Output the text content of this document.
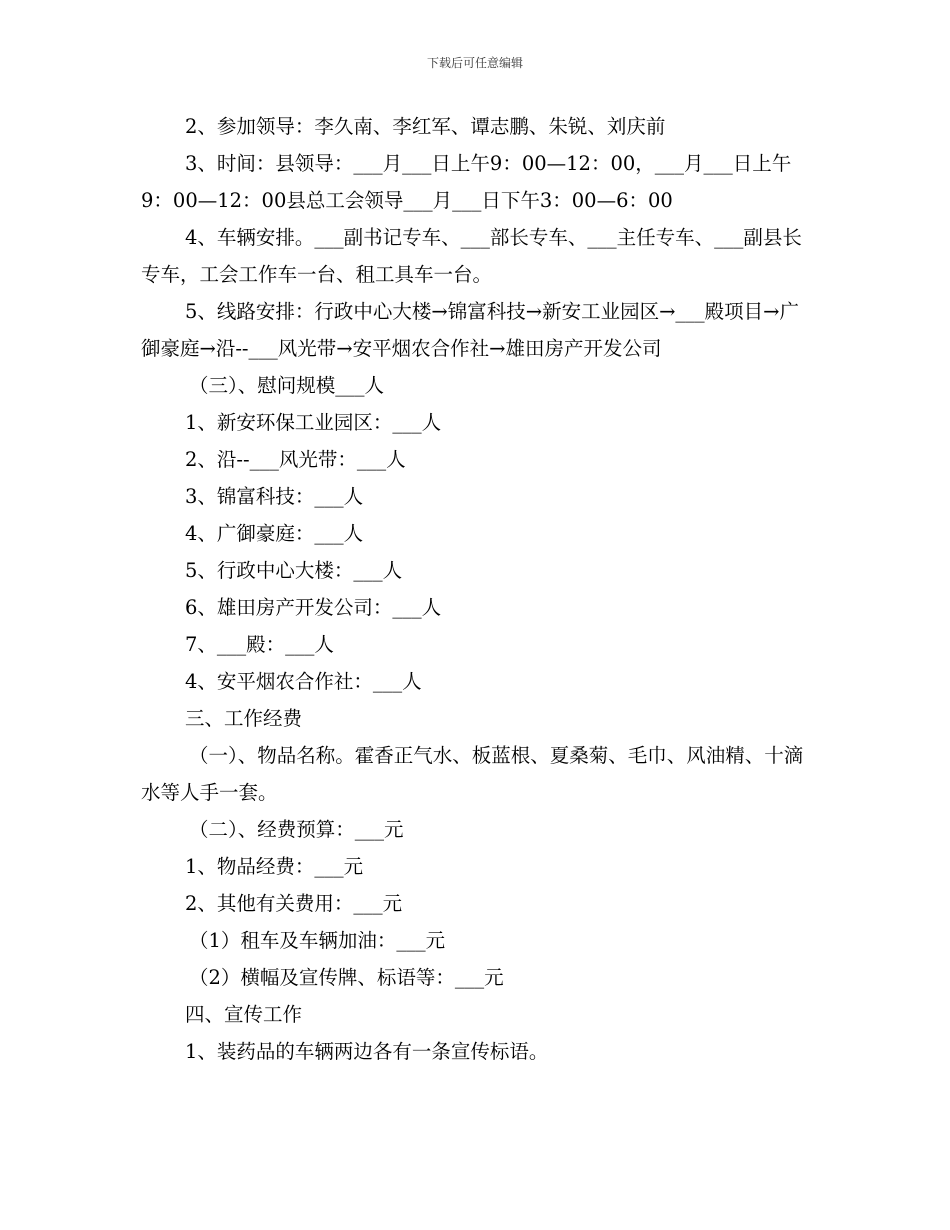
下载后可任意编辑

2、参加领导：李久南、李红军、谭志鹏、朱锐、刘庆前

3、时间：县领导：___月___日上午9：00—12：00，___月___日上午9：00—12：00县总工会领导___月___日下午3：00—6：00

4、车辆安排。___副书记专车、___部长专车、___主任专车、___副县长专车，工会工作车一台、租工具车一台。

5、线路安排：行政中心大楼→锦富科技→新安工业园区→___殿项目→广御豪庭→沿--___风光带→安平烟农合作社→雄田房产开发公司

（三）、慰问规模___人

1、新安环保工业园区：___人

2、沿--___风光带：___人

3、锦富科技：___人

4、广御豪庭：___人

5、行政中心大楼：___人

6、雄田房产开发公司：___人

7、___殿：___人

4、安平烟农合作社：___人

三、工作经费

（一）、物品名称。霍香正气水、板蓝根、夏桑菊、毛巾、风油精、十滴水等人手一套。

（二）、经费预算：___元

1、物品经费：___元

2、其他有关费用：___元

（1）租车及车辆加油：___元

（2）横幅及宣传牌、标语等：___元

四、宣传工作

1、装药品的车辆两边各有一条宣传标语。
